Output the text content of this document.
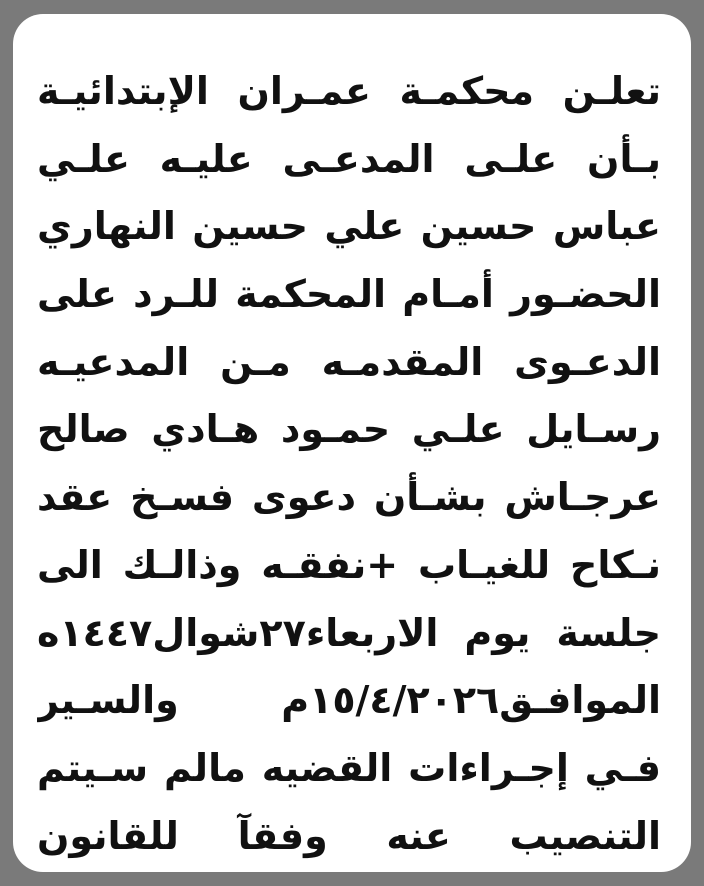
تعلـن محكمـة عمـران الإبتدائيـة
بـأن علـى المدعـى عليـه علـي
عباس حسين علي حسين النهاري
الحضـور أمـام المحكمة للـرد على
الدعـوى المقدمـه مـن المدعيـه
رسـايل علـي حمـود هـادي صالح
عرجـاش بشـأن دعوى فسـخ عقد
نـكاح للغيـاب +نفقـه وذالـك الى
جلسة يوم الاربعاء٢٧شوال١٤٤٧ه
الموافـق١٥/٤/٢٠٢٦م والسـير
فـي إجـراءات القضيه مالم سـيتم
التنصيب عنه وفقآ للقانون
